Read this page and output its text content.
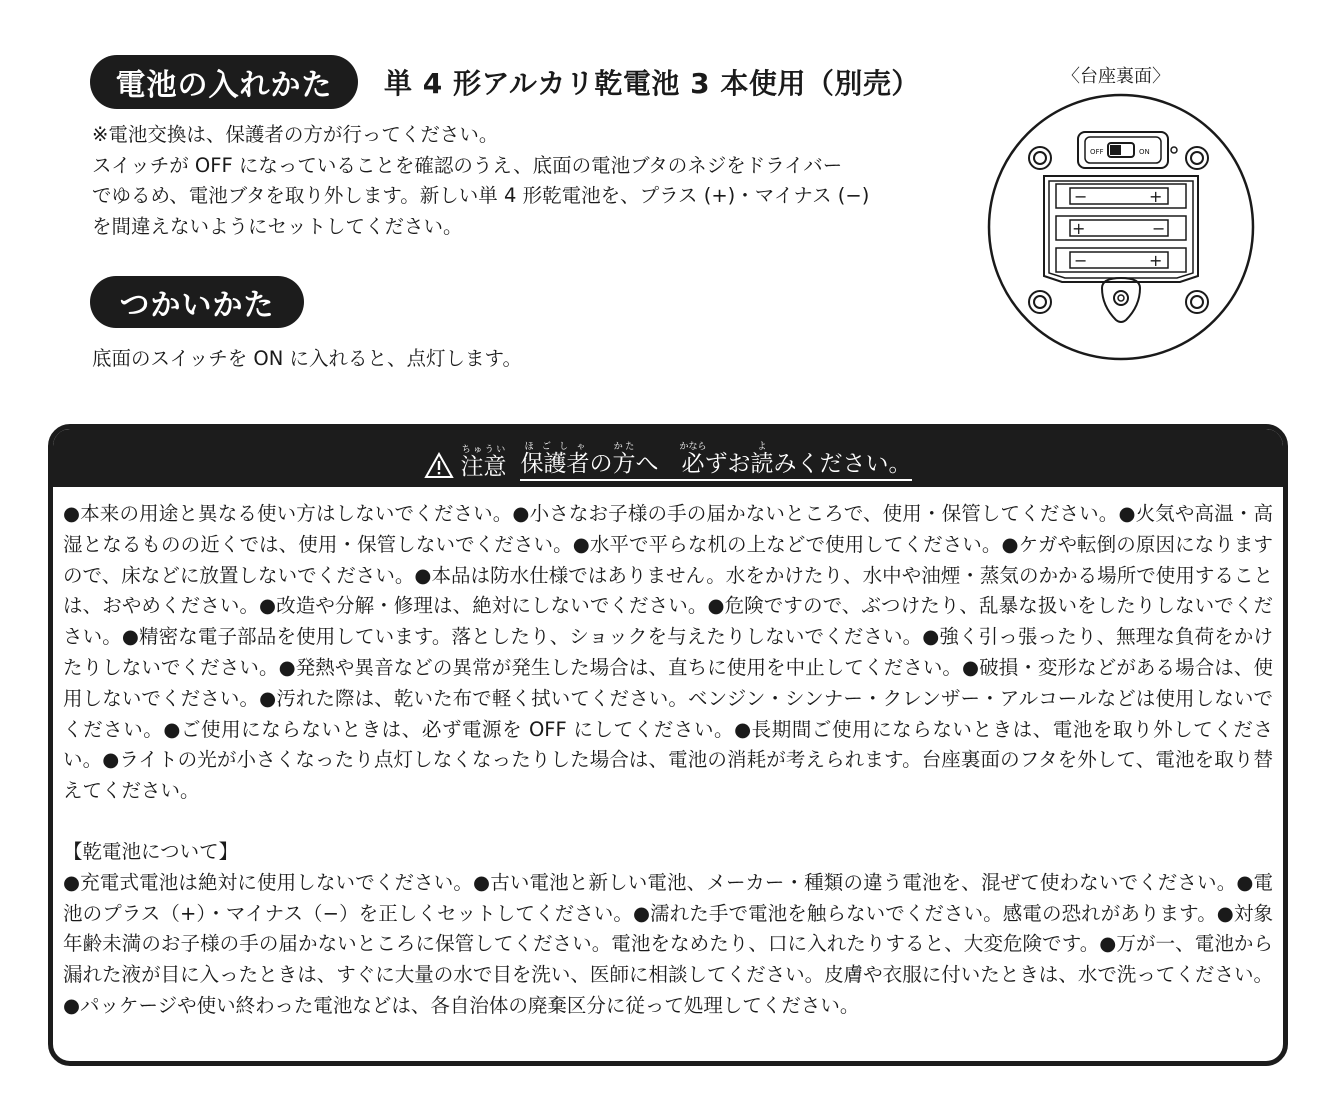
電池の入れかた	単 4 形アルカリ乾電池 3 本使用（別売）
※電池交換は、保護者の方が行ってください。
スイッチが OFF になっていることを確認のうえ、底面の電池ブタのネジをドライバー
でゆるめ、電池ブタを取り外します。新しい単 4 形乾電池を、プラス (+)・マイナス (−)
を間違えないようにセットしてください。
つかいかた
底面のスイッチを ON に入れると、点灯します。
〈台座裏面〉
OFF	ON
−	+
+	−
−	+
注意ちゅうい
保護者ほごしゃの方かたへ　 必かならずお読よみください。

●本来の用途と異なる使い方はしないでください。●小さなお子様の手の届かないところで、使用・保管してください。●火気や高温・高湿となるものの近くでは、使用・保管しないでください。●水平で平らな机の上などで使用してください。●ケガや転倒の原因になりますので、床などに放置しないでください。●本品は防水仕様ではありません。水をかけたり、水中や油煙・蒸気のかかる場所で使用することは、おやめください。●改造や分解・修理は、絶対にしないでください。●危険ですので、ぶつけたり、乱暴な扱いをしたりしないでください。●精密な電子部品を使用しています。落としたり、ショックを与えたりしないでください。●強く引っ張ったり、無理な負荷をかけたりしないでください。●発熱や異音などの異常が発生した場合は、直ちに使用を中止してください。●破損・変形などがある場合は、使用しないでください。●汚れた際は、乾いた布で軽く拭いてください。ベンジン・シンナー・クレンザー・アルコールなどは使用しないでください。●ご使用にならないときは、必ず電源を OFF にしてください。●長期間ご使用にならないときは、電池を取り外してください。●ライトの光が小さくなったり点灯しなくなったりした場合は、電池の消耗が考えられます。台座裏面のフタを外して、電池を取り替えてください。

【乾電池について】

●充電式電池は絶対に使用しないでください。●古い電池と新しい電池、メーカー・種類の違う電池を、混ぜて使わないでください。●電池のプラス（+）・マイナス（−）を正しくセットしてください。●濡れた手で電池を触らないでください。感電の恐れがあります。●対象年齢未満のお子様の手の届かないところに保管してください。電池をなめたり、口に入れたりすると、大変危険です。●万が一、電池から漏れた液が目に入ったときは、すぐに大量の水で目を洗い、医師に相談してください。皮膚や衣服に付いたときは、水で洗ってください。●パッケージや使い終わった電池などは、各自治体の廃棄区分に従って処理してください。
